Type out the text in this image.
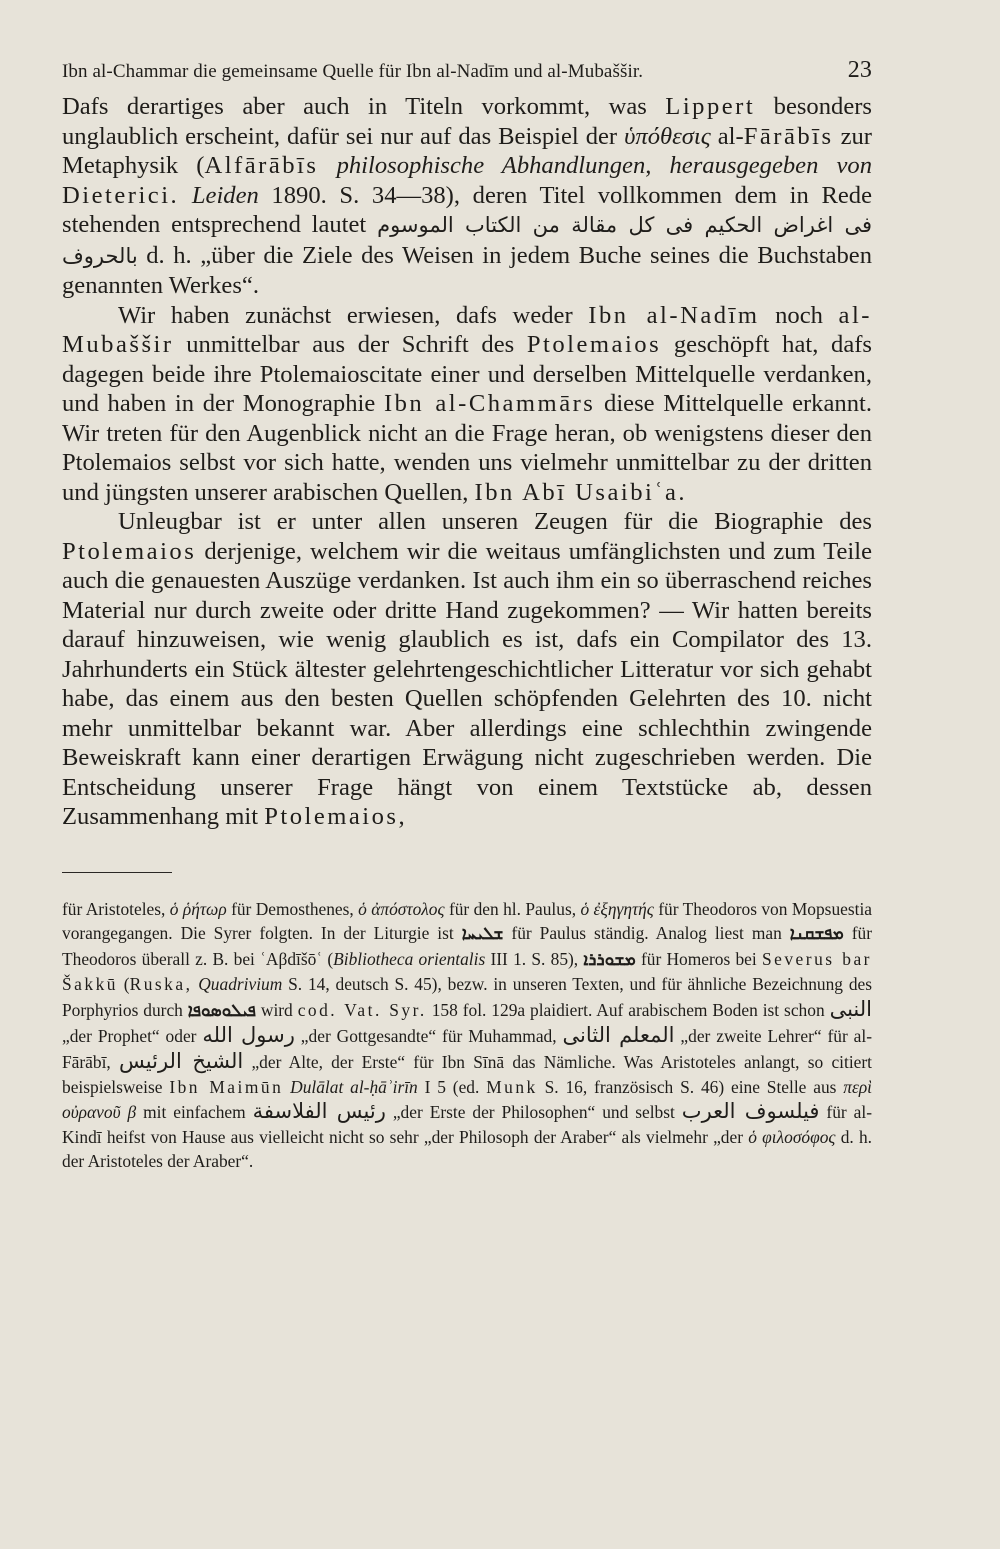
Ibn al-Chammar die gemeinsame Quelle für Ibn al-Nadīm und al-Mubaššir.	23

Dafs derartiges aber auch in Titeln vorkommt, was Lippert besonders unglaublich erscheint, dafür sei nur auf das Beispiel der ὑπόθεσις al-Fārābīs zur Metaphysik (Alfārābīs philosophische Abhandlungen, herausgegeben von Dieterici. Leiden 1890. S. 34—38), deren Titel vollkommen dem in Rede stehenden entsprechend lautet فى اغراض الحكيم فى كل مقالة من الكتاب الموسوم بالحروف d. h. „über die Ziele des Weisen in jedem Buche seines die Buchstaben genannten Werkes“.

Wir haben zunächst erwiesen, dafs weder Ibn al-Nadīm noch al-Mubaššir unmittelbar aus der Schrift des Ptolemaios geschöpft hat, dafs dagegen beide ihre Ptolemaioscitate einer und derselben Mittelquelle verdanken, und haben in der Monographie Ibn al-Chammārs diese Mittelquelle erkannt. Wir treten für den Augenblick nicht an die Frage heran, ob wenigstens dieser den Ptolemaios selbst vor sich hatte, wenden uns vielmehr unmittelbar zu der dritten und jüngsten unserer arabischen Quellen, Ibn Abī Usaibiʿa.

Unleugbar ist er unter allen unseren Zeugen für die Biographie des Ptolemaios derjenige, welchem wir die weitaus umfänglichsten und zum Teile auch die genauesten Auszüge verdanken. Ist auch ihm ein so überraschend reiches Material nur durch zweite oder dritte Hand zugekommen? — Wir hatten bereits darauf hinzuweisen, wie wenig glaublich es ist, dafs ein Compilator des 13. Jahrhunderts ein Stück ältester gelehrtengeschichtlicher Litteratur vor sich gehabt habe, das einem aus den besten Quellen schöpfenden Gelehrten des 10. nicht mehr unmittelbar bekannt war. Aber allerdings eine schlechthin zwingende Beweiskraft kann einer derartigen Erwägung nicht zugeschrieben werden. Die Entscheidung unserer Frage hängt von einem Textstücke ab, dessen Zusammenhang mit Ptolemaios,

für Aristoteles, ὁ ῥήτωρ für Demosthenes, ὁ ἀπόστολος für den hl. Paulus, ὁ ἐξηγητής für Theodoros von Mopsuestia vorangegangen. Die Syrer folgten. In der Liturgie ist ܫܠܝܚܐ für Paulus ständig. Analog liest man ܡܦܫܩܢܐ für Theodoros überall z. B. bei ʿAβdīšōʿ (Bibliotheca orientalis III 1. S. 85), ܡܫܘܪܪܐ für Homeros bei Severus bar Šakkū (Ruska, Quadrivium S. 14, deutsch S. 45), bezw. in unseren Texten, und für ähnliche Bezeichnung des Porphyrios durch ܦܝܠܘܣܘܦܐ wird cod. Vat. Syr. 158 fol. 129a plaidiert. Auf arabischem Boden ist schon النبى „der Prophet“ oder رسول الله „der Gottgesandte“ für Muhammad, المعلم الثانى „der zweite Lehrer“ für al-Fārābī, الشيخ الرئيس „der Alte, der Erste“ für Ibn Sīnā das Nämliche. Was Aristoteles anlangt, so citiert beispielsweise Ibn Maimūn Dulālat al-ḥāʾirīn I 5 (ed. Munk S. 16, französisch S. 46) eine Stelle aus περὶ οὐρανοῦ β mit einfachem رئيس الفلاسفة „der Erste der Philosophen“ und selbst فيلسوف العرب für al-Kindī heifst von Hause aus vielleicht nicht so sehr „der Philosoph der Araber“ als vielmehr „der ὁ φιλοσόφος d. h. der Aristoteles der Araber“.
